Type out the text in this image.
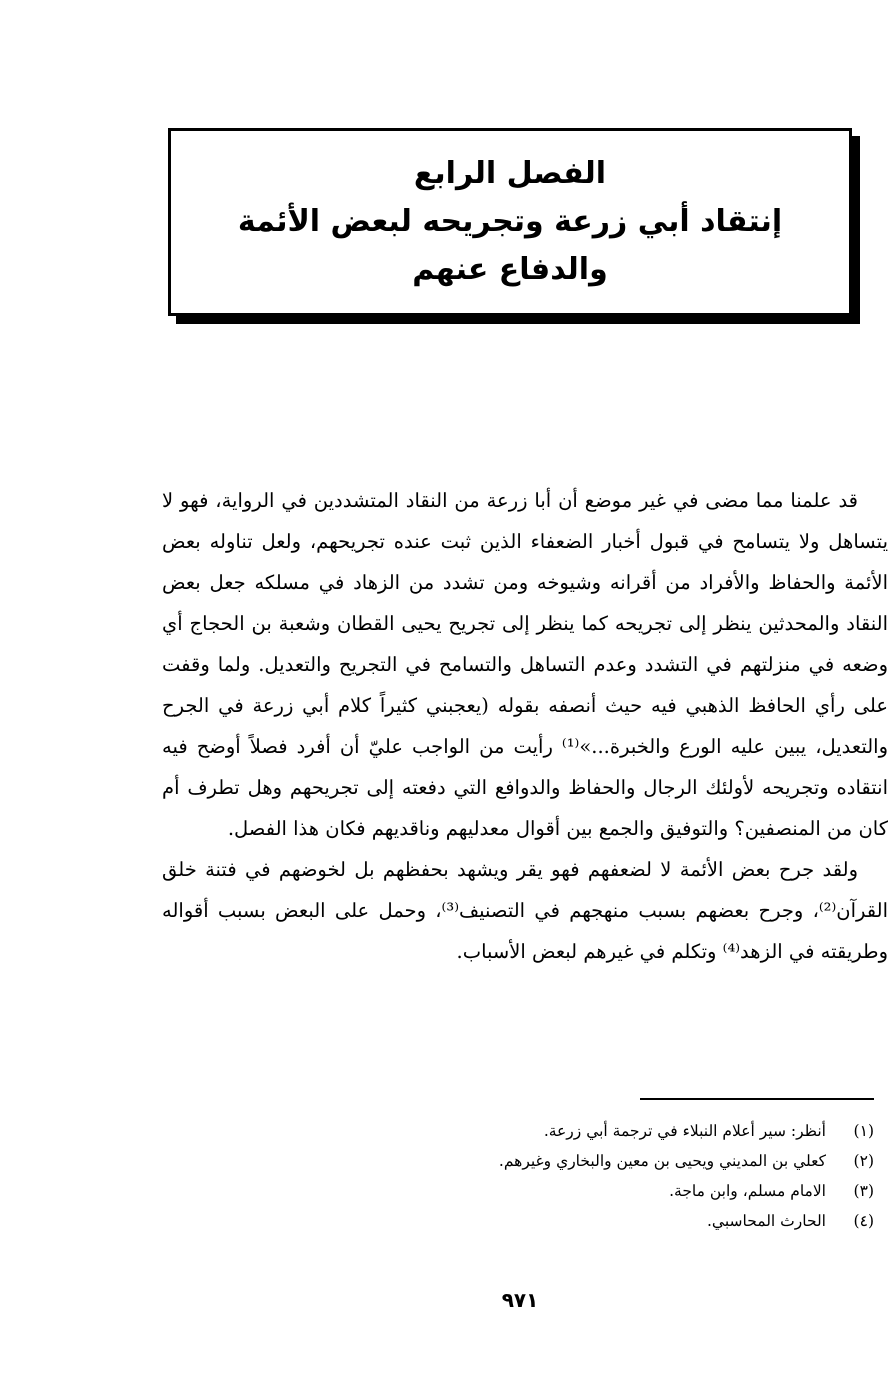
الفصل الرابع
إنتقاد أبي زرعة وتجريحه لبعض الأئمة
والدفاع عنهم

قد علمنا مما مضى في غير موضع أن أبا زرعة من النقاد المتشددين في الرواية، فهو لا يتساهل ولا يتسامح في قبول أخبار الضعفاء الذين ثبت عنده تجريحهم، ولعل تناوله بعض الأئمة والحفاظ والأفراد من أقرانه وشيوخه ومن تشدد من الزهاد في مسلكه جعل بعض النقاد والمحدثين ينظر إلى تجريحه كما ينظر إلى تجريح يحيى القطان وشعبة بن الحجاج أي وضعه في منزلتهم في التشدد وعدم التساهل والتسامح في التجريح والتعديل. ولما وقفت على رأي الحافظ الذهبي فيه حيث أنصفه بقوله (يعجبني كثيراً كلام أبي زرعة في الجرح والتعديل، يبين عليه الورع والخبرة...»⁽¹⁾ رأيت من الواجب عليّ أن أفرد فصلاً أوضح فيه انتقاده وتجريحه لأولئك الرجال والحفاظ والدوافع التي دفعته إلى تجريحهم وهل تطرف أم كان من المنصفين؟ والتوفيق والجمع بين أقوال معدليهم وناقديهم فكان هذا الفصل.

ولقد جرح بعض الأئمة لا لضعفهم فهو يقر ويشهد بحفظهم بل لخوضهم في فتنة خلق القرآن⁽²⁾، وجرح بعضهم بسبب منهجهم في التصنيف⁽³⁾، وحمل على البعض بسبب أقواله وطريقته في الزهد⁽⁴⁾ وتكلم في غيرهم لبعض الأسباب.

(١)
أنظر: سير أعلام النبلاء في ترجمة أبي زرعة.
(٢)
كعلي بن المديني ويحيى بن معين والبخاري وغيرهم.
(٣)
الامام مسلم، وابن ماجة.
(٤)
الحارث المحاسبي.
٩٧١
